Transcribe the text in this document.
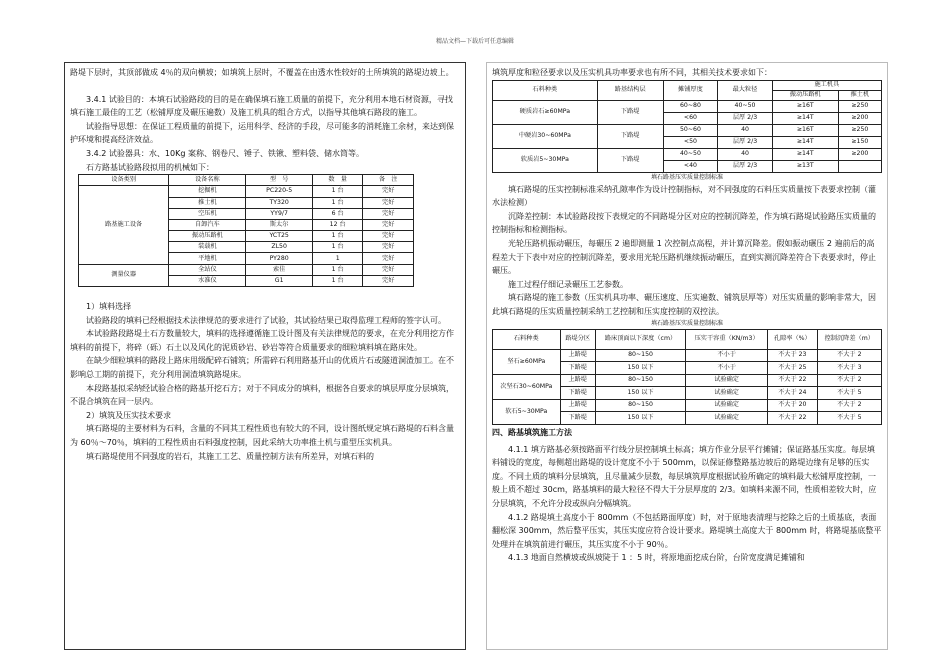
精品文档—下载后可任意编辑

路堤下层时，其顶部做成 4％的双向横坡；如填筑上层时，不覆盖在由透水性较好的土所填筑的路堤边坡上。

3.4.1 试验目的：本填石试验路段的目的是在确保填石施工质量的前提下，充分利用本地石材资源，寻找填石施工最佳的工艺（松铺厚度及碾压遍数）及施工机具的组合方式，以指导其他填石路段的施工。

试验指导思想：在保证工程质量的前提下，运用科学、经济的手段，尽可能多的消耗施工余材，来达到保护环境和提高经济效益。

3.4.2 试验器具：水、10Kg 案称、钢卷尺、锤子、铁锹、塑料袋、储水筒等。

石方路基试验路段拟用的机械如下：

设备类别	设备名称	型　号	数　量	备　注
路基施工设备	挖掘机	PC220-5	1 台	完好
	推土机	TY320	1 台	完好
	空压机	YY9/7	6 台	完好
	自卸汽车	斯太尔	12 台	完好
	振动压路机	YCT25	1 台	完好
	装载机	ZL50	1 台	完好
	平地机	PY280	1	完好
测量仪器	全站仪	索佳	1 台	完好
	水准仪	G1	1 台	完好

1）填料选择

试验路段的填料已经根据技术法律规范的要求进行了试验，其试验结果已取得监理工程师的签字认可。

本试验路段路堤土石方数量较大，填料的选择遵循施工设计图及有关法律规范的要求，在充分利用挖方作填料的前提下，将碎（砾）石土以及风化的泥质砂岩、砂岩等符合质量要求的细粒填料填在路床处。

在缺少细粒填料的路段上路床用级配碎石铺筑；所需碎石利用路基开山的优质片石或隧道洞渣加工。在不影响总工期的前提下，充分利用洞渣填筑路堤床。

本段路基拟采纳经试验合格的路基开挖石方；对于不同成分的填料，根据各自要求的填层厚度分层填筑，不混合填筑在同一层内。

2）填筑及压实技术要求

填石路堤的主要材料为石料，含量的不同其工程性质也有较大的不同，设计图纸规定填石路堤的石料含量为 60％～70％，填料的工程性质由石料强度控制，因此采纳大功率推土机与重型压实机具。

填石路堤使用不同强度的岩石，其施工工艺、质量控制方法有所差异，对填石料的

填筑厚度和粒径要求以及压实机具功率要求也有所不同，其相关技术要求如下：

石料种类	路基结构层	摊铺厚度	最大粒径	施工机具	
				振动压路机	推土机
硬质岩石≥60MPa	下路堤	60~80	40~50	≥16T	≥250
		<60	层厚 2/3	≥14T	≥200
中硬岩30~60MPa	下路堤	50~60	40	≥16T	≥250
		<50	层厚 2/3	≥14T	≥150
软质岩5~30MPa	下路堤	40~50	40	≥14T	≥200
		<40	层厚 2/3	≥13T	

填石路基压实质量控制标准

填石路堤的压实控制标准采纳孔隙率作为设计控制指标，对不同强度的石料压实质量按下表要求控制（灌水法检测）

沉降差控制：本试验路段按下表规定的不同路堤分区对应的控制沉降差，作为填石路堤试验路压实质量的控制指标和检测指标。

光轮压路机振动碾压，每碾压 2 遍即测量 1 次控制点高程，并计算沉降差。假如振动碾压 2 遍前后的高程差大于下表中对应的控制沉降差，要求用光轮压路机继续振动碾压，直到实测沉降差符合下表要求时，停止碾压。

施工过程仔细记录碾压工艺参数。

填石路堤的施工参数（压实机具功率、碾压速度、压实遍数、铺筑层厚等）对压实质量的影响非常大，因此填石路堤的压实质量控制采纳工艺控制和压实度控制的双控法。

填石路基压实质量控制标准

石料种类	路堤分区	路床顶面以下深度（cm）	压实干容重（KN/m3）	孔隙率（%）	控制沉降差（m）
坚石≥60MPa	上路堤	80~150	不小于	不大于 23	不大于 2
	下路堤	150 以下	不小于	不大于 25	不大于 3
次坚石30~60MPa	上路堤	80~150	试验确定	不大于 22	不大于 2
	下路堤	150 以下	试验确定	不大于 24	不大于 5
软石5~30MPa	上路堤	80~150	试验确定	不大于 20	不大于 2
	下路堤	150 以下	试验确定	不大于 22	不大于 5

四、路基填筑施工方法

4.1.1 填方路基必须按路面平行线分层控制填土标高；填方作业分层平行摊铺；保证路基压实度。每层填料铺设的宽度，每侧超出路堤的设计宽度不小于 500mm，以保证修整路基边坡后的路堤边缘有足够的压实度。不同土质的填料分层填筑，且尽量减少层数，每层填筑厚度根据试验所确定的填料最大松铺厚度控制，一般上质不超过 30cm，路基填料的最大粒径不得大于分层厚度的 2/3。如填料来源不同，性质相差较大时，应分层填筑，不允许分段或纵向分幅填筑。

4.1.2 路堤填土高度小于 800mm（不包括路面厚度）时，对于原地表清理与挖除之后的土质基底，表面翻松深 300mm，然后整平压实，其压实度应符合设计要求。路堤填土高度大于 800mm 时，将路堤基底整平处理并在填筑前进行碾压，其压实度不小于 90％。

4.1.3 地面自然横坡或纵坡陡于 1 ：5 时，将原地面挖成台阶，台阶宽度满足摊铺和
